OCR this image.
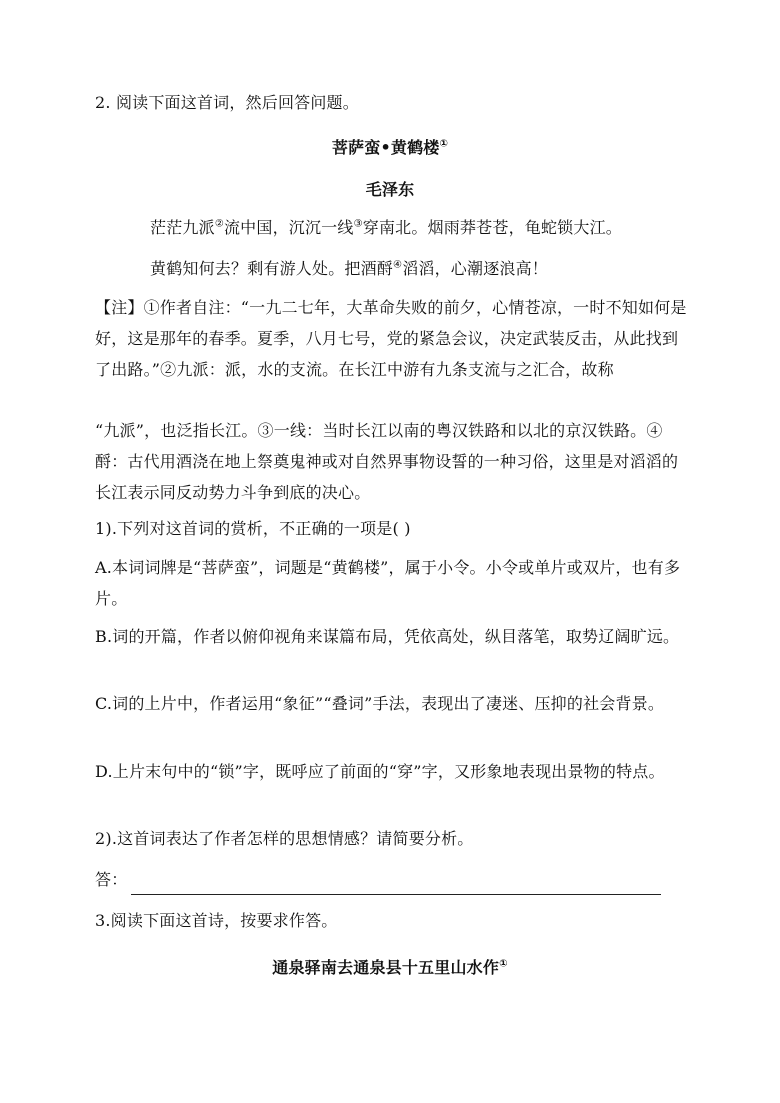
2. 阅读下面这首词，然后回答问题。
菩萨蛮•黄鹤楼①
毛泽东
茫茫九派②流中国，沉沉一线③穿南北。烟雨莽苍苍，龟蛇锁大江。
黄鹤知何去？剩有游人处。把酒酹④滔滔，心潮逐浪高！
【注】①作者自注：“一九二七年，大革命失败的前夕，心情苍凉，一时不知如何是好，这是那年的春季。夏季，八月七号，党的紧急会议，决定武装反击，从此找到了出路。”②九派：派，水的支流。在长江中游有九条支流与之汇合，故称
“九派”，也泛指长江。③一线：当时长江以南的粤汉铁路和以北的京汉铁路。④酹：古代用酒浇在地上祭奠鬼神或对自然界事物设誓的一种习俗，这里是对滔滔的长江表示同反动势力斗争到底的决心。
1).下列对这首词的赏析，不正确的一项是( )
A.本词词牌是“菩萨蛮”，词题是“黄鹤楼”，属于小令。小令或单片或双片，也有多片。
B.词的开篇，作者以俯仰视角来谋篇布局，凭依高处，纵目落笔，取势辽阔旷远。
C.词的上片中，作者运用“象征”“叠词”手法，表现出了凄迷、压抑的社会背景。
D.上片末句中的“锁”字，既呼应了前面的“穿”字，又形象地表现出景物的特点。
2).这首词表达了作者怎样的思想情感？请简要分析。
答：
3.阅读下面这首诗，按要求作答。
通泉驿南去通泉县十五里山水作①
